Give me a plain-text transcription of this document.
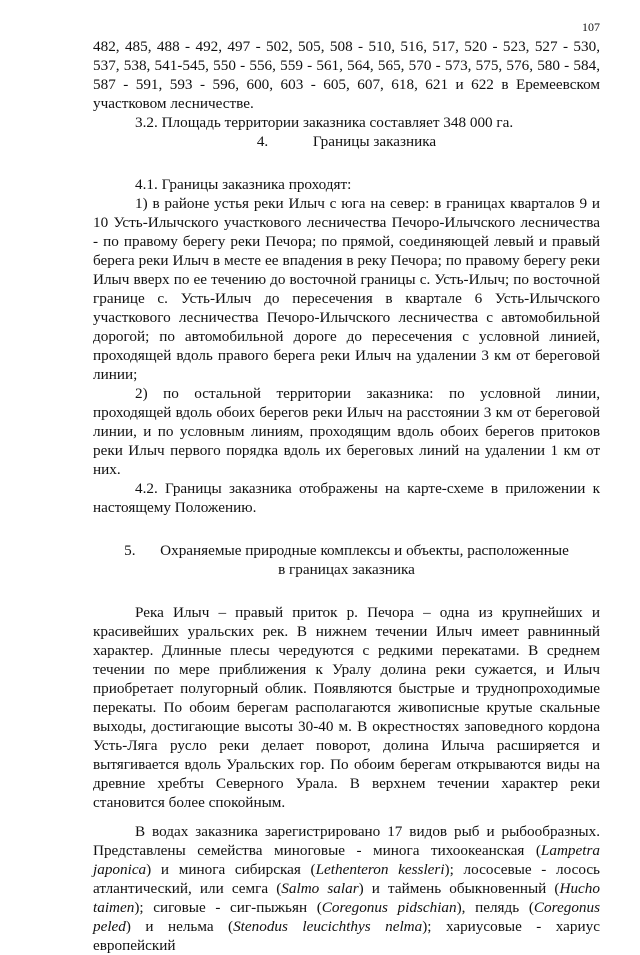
107

482, 485, 488 - 492, 497 - 502, 505, 508 - 510, 516, 517, 520 - 523, 527 - 530, 537, 538, 541-545, 550 - 556, 559 - 561, 564, 565, 570 - 573, 575, 576, 580 - 584, 587 - 591, 593 - 596, 600, 603 - 605, 607, 618, 621 и 622 в Еремеевском участковом лесничестве.

3.2. Площадь территории заказника составляет 348 000 га.

4.	Границы заказника

4.1. Границы заказника проходят:

1) в районе устья реки Илыч с юга на север: в границах кварталов 9 и 10 Усть-Илычского участкового лесничества Печоро-Илычского лесничества - по правому берегу реки Печора; по прямой, соединяющей левый и правый берега реки Илыч в месте ее впадения в реку Печора; по правому берегу реки Илыч вверх по ее течению до восточной границы с. Усть-Илыч; по восточной границе с. Усть-Илыч до пересечения в квартале 6 Усть-Илычского участкового лесничества Печоро-Илычского лесничества с автомобильной дорогой; по автомобильной дороге до пересечения с условной линией, проходящей вдоль правого берега реки Илыч на удалении 3 км от береговой линии;

2) по остальной территории заказника: по условной линии, проходящей вдоль обоих берегов реки Илыч на расстоянии 3 км от береговой линии, и по условным линиям, проходящим вдоль обоих берегов притоков реки Илыч первого порядка вдоль их береговых линий на удалении 1 км от них.

4.2. Границы заказника отображены на карте-схеме в приложении к настоящему Положению.

5. Охраняемые природные комплексы и объекты, расположенные
в границах заказника

Река Илыч – правый приток р. Печора – одна из крупнейших и красивейших уральских рек. В нижнем течении Илыч имеет равнинный характер. Длинные плесы чередуются с редкими перекатами. В среднем течении по мере приближения к Уралу долина реки сужается, и Илыч приобретает полугорный облик. Появляются быстрые и труднопроходимые перекаты. По обоим берегам располагаются живописные крутые скальные выходы, достигающие высоты 30-40 м. В окрестностях заповедного кордона Усть-Лягa русло реки делает поворот, долина Илыча расширяется и вытягивается вдоль Уральских гор. По обоим берегам открываются виды на древние хребты Северного Урала. В верхнем течении характер реки становится более спокойным.

В водах заказника зарегистрировано 17 видов рыб и рыбообразных. Представлены семейства миноговые - минога тихоокеанская (Lampetra japonica) и минога сибирская (Lethenteron kessleri); лососевые - лосось атлантический, или семга (Salmo salar) и таймень обыкновенный (Hucho taimen); сиговые - сиг-пыжьян (Coregonus pidschian), пелядь (Coregonus peled) и нельма (Stenodus leucichthys nelma); хариусовые - хариус европейский
